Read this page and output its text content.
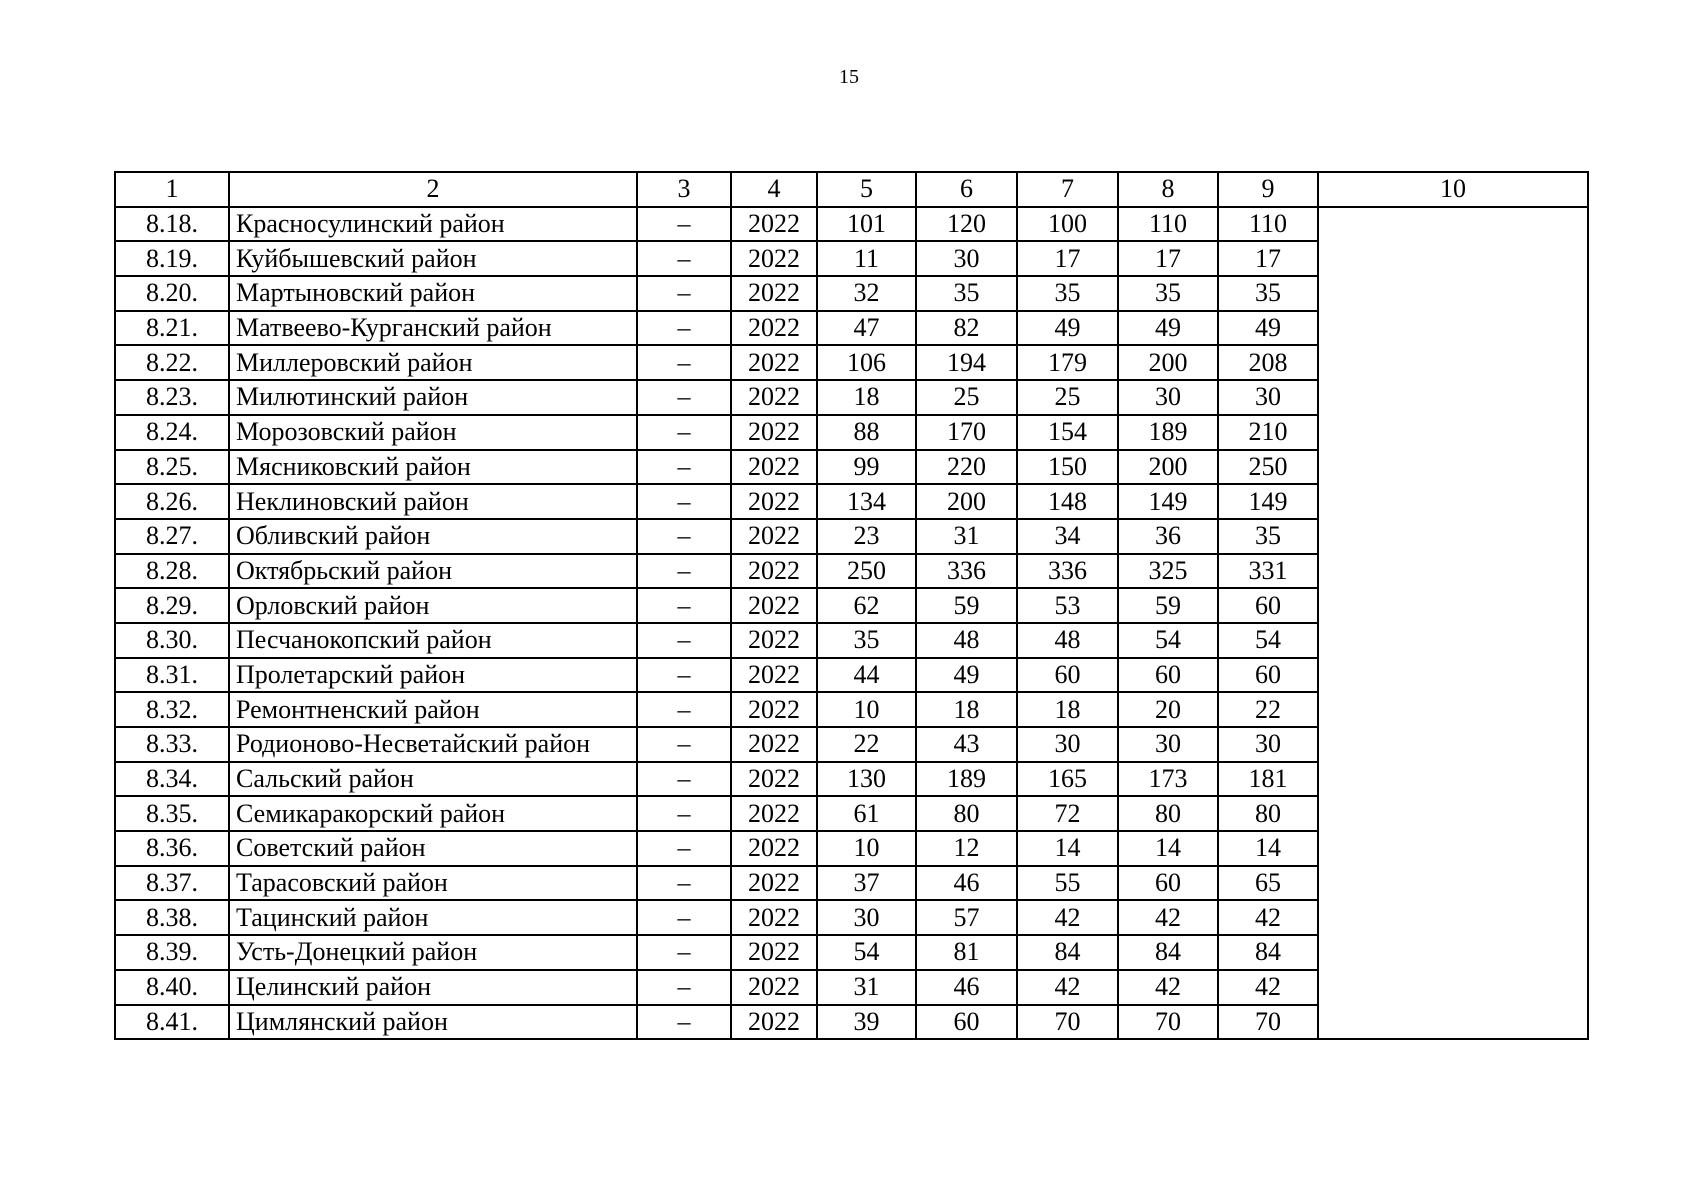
15
1	2	3	4	5	6	7	8	9	10
8.18.	Красносулинский район	–	2022	101	120	100	110	110	
8.19.	Куйбышевский район	–	2022	11	30	17	17	17	
8.20.	Мартыновский район	–	2022	32	35	35	35	35	
8.21.	Матвеево-Курганский район	–	2022	47	82	49	49	49	
8.22.	Миллеровский район	–	2022	106	194	179	200	208	
8.23.	Милютинский район	–	2022	18	25	25	30	30	
8.24.	Морозовский район	–	2022	88	170	154	189	210	
8.25.	Мясниковский район	–	2022	99	220	150	200	250	
8.26.	Неклиновский район	–	2022	134	200	148	149	149	
8.27.	Обливский район	–	2022	23	31	34	36	35	
8.28.	Октябрьский район	–	2022	250	336	336	325	331	
8.29.	Орловский район	–	2022	62	59	53	59	60	
8.30.	Песчанокопский район	–	2022	35	48	48	54	54	
8.31.	Пролетарский район	–	2022	44	49	60	60	60	
8.32.	Ремонтненский район	–	2022	10	18	18	20	22	
8.33.	Родионово-Несветайский район	–	2022	22	43	30	30	30	
8.34.	Сальский район	–	2022	130	189	165	173	181	
8.35.	Семикаракорский район	–	2022	61	80	72	80	80	
8.36.	Советский район	–	2022	10	12	14	14	14	
8.37.	Тарасовский район	–	2022	37	46	55	60	65	
8.38.	Тацинский район	–	2022	30	57	42	42	42	
8.39.	Усть-Донецкий район	–	2022	54	81	84	84	84	
8.40.	Целинский район	–	2022	31	46	42	42	42	
8.41.	Цимлянский район	–	2022	39	60	70	70	70	
